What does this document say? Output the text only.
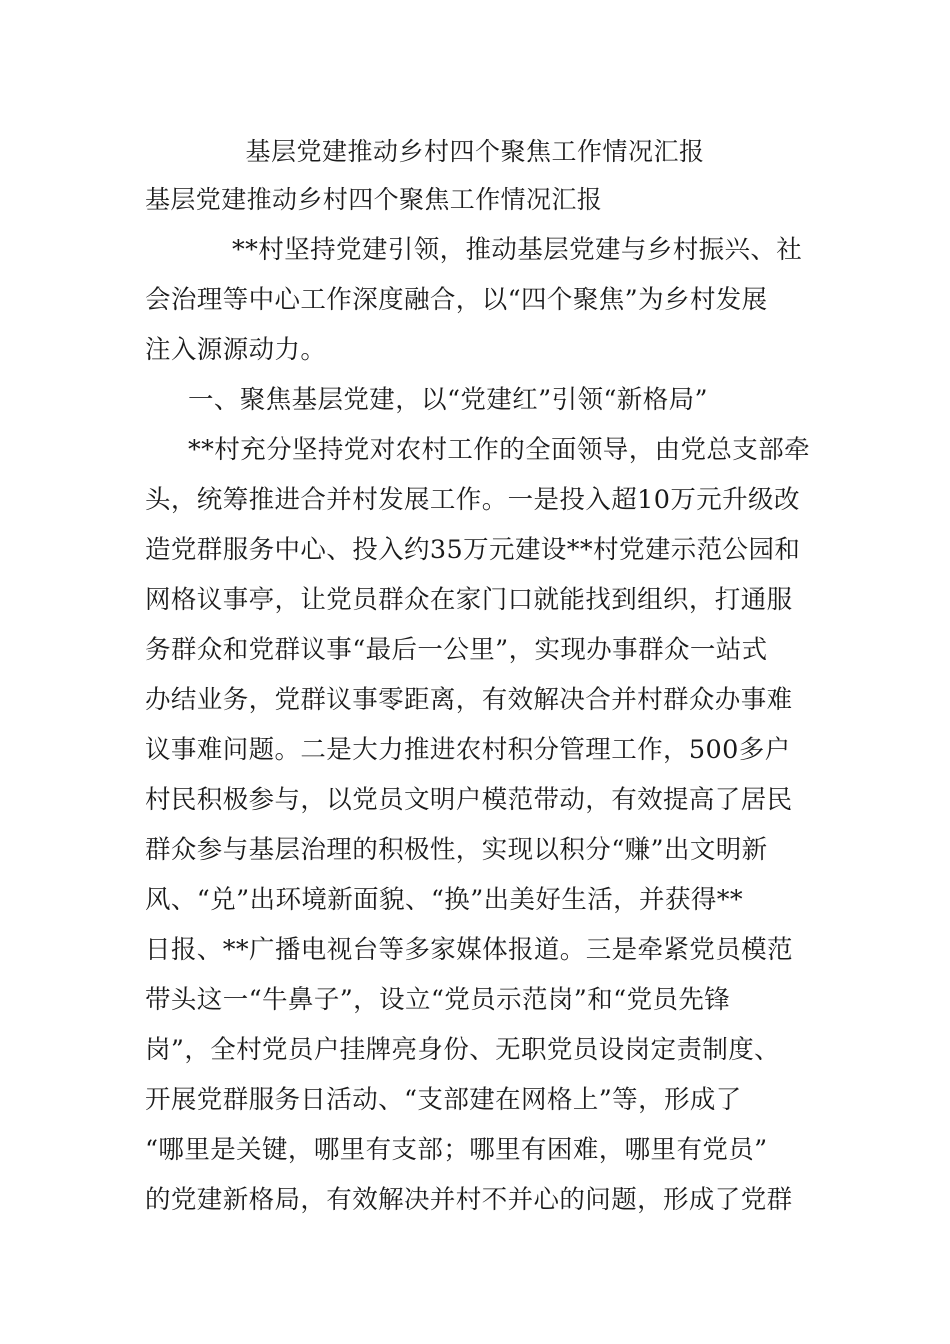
基层党建推动乡村四个聚焦工作情况汇报
基层党建推动乡村四个聚焦工作情况汇报
**村坚持党建引领，推动基层党建与乡村振兴、社
会治理等中心工作深度融合，以“四个聚焦”为乡村发展
注入源源动力。
一、聚焦基层党建，以“党建红”引领“新格局”
**村充分坚持党对农村工作的全面领导，由党总支部牵
头，统筹推进合并村发展工作。一是投入超10万元升级改
造党群服务中心、投入约35万元建设**村党建示范公园和
网格议事亭，让党员群众在家门口就能找到组织，打通服
务群众和党群议事“最后一公里”，实现办事群众一站式
办结业务，党群议事零距离，有效解决合并村群众办事难
议事难问题。二是大力推进农村积分管理工作，500多户
村民积极参与，以党员文明户模范带动，有效提高了居民
群众参与基层治理的积极性，实现以积分“赚”出文明新
风、“兑”出环境新面貌、“换”出美好生活，并获得**
日报、**广播电视台等多家媒体报道。三是牵紧党员模范
带头这一“牛鼻子”，设立“党员示范岗”和“党员先锋
岗”，全村党员户挂牌亮身份、无职党员设岗定责制度、
开展党群服务日活动、“支部建在网格上”等，形成了
“哪里是关键，哪里有支部；哪里有困难，哪里有党员”
的党建新格局，有效解决并村不并心的问题，形成了党群
